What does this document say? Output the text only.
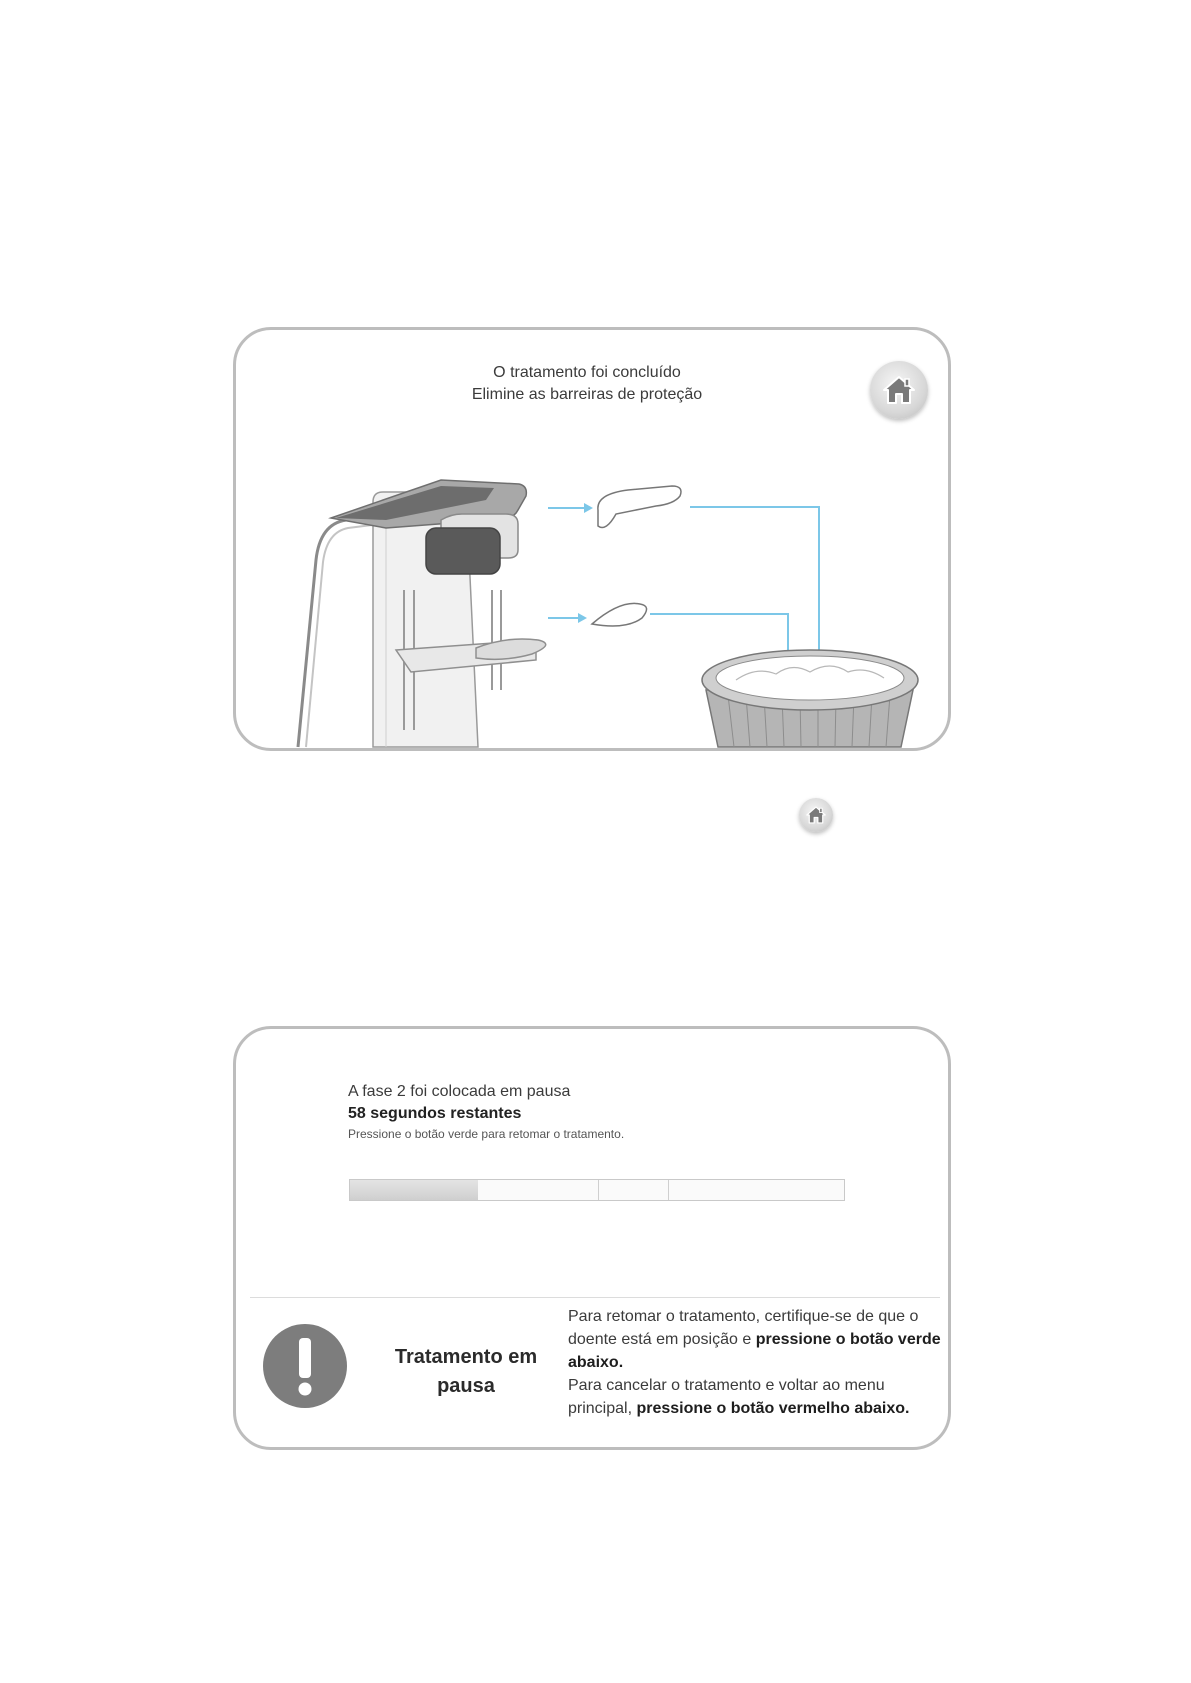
O tratamento foi concluído
Elimine as barreiras de proteção
A fase 2 foi colocada em pausa
58 segundos restantes
Pressione o botão verde para retomar o tratamento.
Tratamento em pausa
Para retomar o tratamento, certifique-se de que o doente está em posição e pressione o botão verde abaixo.
Para cancelar o tratamento e voltar ao menu principal, pressione o botão vermelho abaixo.
